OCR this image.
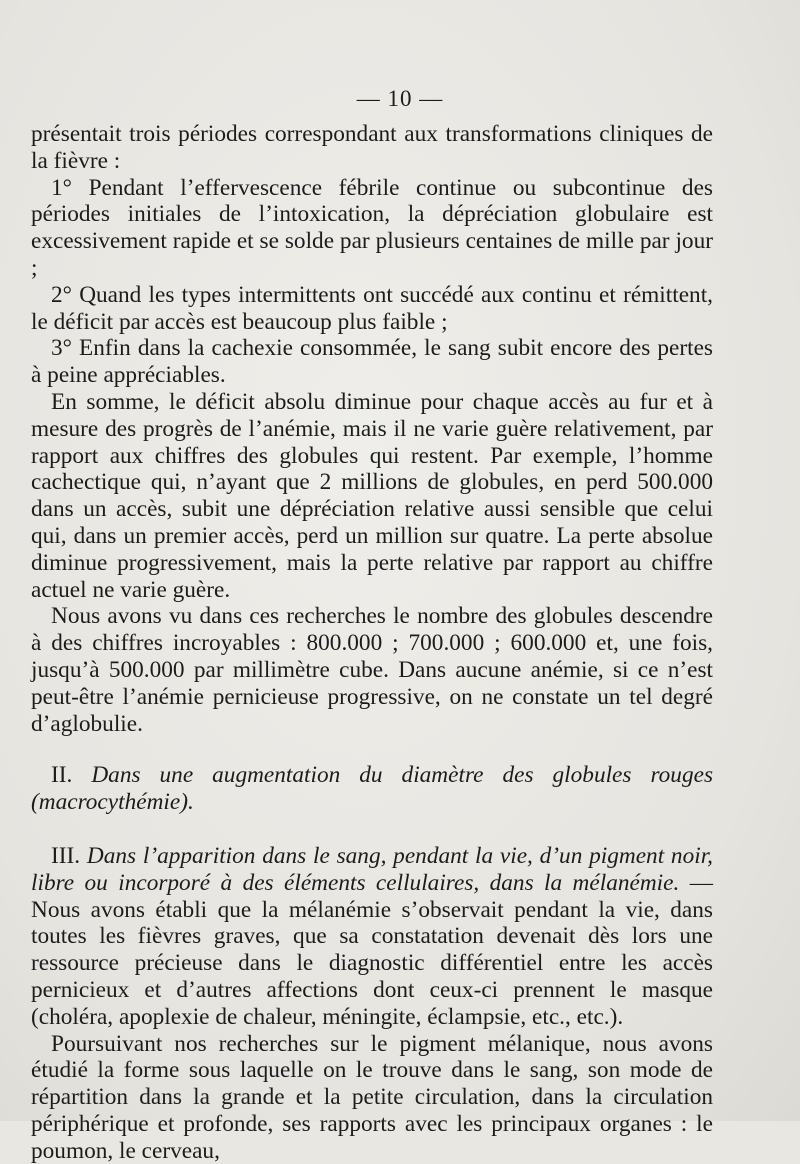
— 10 —

présentait trois périodes correspondant aux transformations cliniques de la fièvre :

1° Pendant l’effervescence fébrile continue ou subcontinue des périodes initiales de l’intoxication, la dépréciation globulaire est excessivement rapide et se solde par plusieurs centaines de mille par jour ;

2° Quand les types intermittents ont succédé aux continu et rémittent, le déficit par accès est beaucoup plus faible ;

3° Enfin dans la cachexie consommée, le sang subit encore des pertes à peine appréciables.

En somme, le déficit absolu diminue pour chaque accès au fur et à mesure des progrès de l’anémie, mais il ne varie guère relativement, par rapport aux chiffres des globules qui restent. Par exemple, l’homme cachectique qui, n’ayant que 2 millions de globules, en perd 500.000 dans un accès, subit une dépréciation relative aussi sensible que celui qui, dans un premier accès, perd un million sur quatre. La perte absolue diminue progressivement, mais la perte relative par rapport au chiffre actuel ne varie guère.

Nous avons vu dans ces recherches le nombre des globules descendre à des chiffres incroyables : 800.000 ; 700.000 ; 600.000 et, une fois, jusqu’à 500.000 par millimètre cube. Dans aucune anémie, si ce n’est peut-être l’anémie pernicieuse progressive, on ne constate un tel degré d’aglobulie.

II. Dans une augmentation du diamètre des globules rouges (macrocythémie).

III. Dans l’apparition dans le sang, pendant la vie, d’un pigment noir, libre ou incorporé à des éléments cellulaires, dans la mélanémie. — Nous avons établi que la mélanémie s’observait pendant la vie, dans toutes les fièvres graves, que sa constatation devenait dès lors une ressource précieuse dans le diagnostic différentiel entre les accès pernicieux et d’autres affections dont ceux-ci prennent le masque (choléra, apoplexie de chaleur, méningite, éclampsie, etc., etc.).

Poursuivant nos recherches sur le pigment mélanique, nous avons étudié la forme sous laquelle on le trouve dans le sang, son mode de répartition dans la grande et la petite circulation, dans la circulation périphérique et profonde, ses rapports avec les principaux organes : le poumon, le cerveau,
